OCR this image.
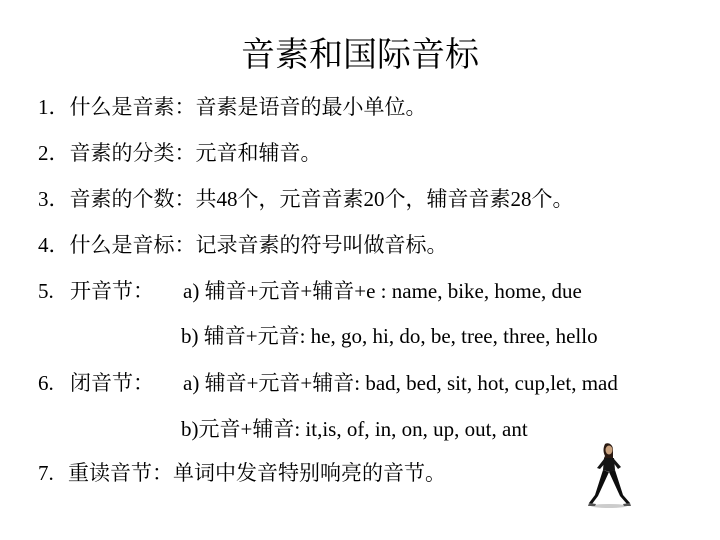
音素和国际音标
1．什么是音素：音素是语音的最小单位。
2．音素的分类：元音和辅音。
3．音素的个数：共48个，元音音素20个，辅音音素28个。
4．什么是音标：记录音素的符号叫做音标。
5. 开音节： a) 辅音+元音+辅音+e : name, bike, home, due
b) 辅音+元音: he, go, hi, do, be, tree, three, hello
6. 闭音节： a) 辅音+元音+辅音: bad, bed, sit, hot, cup,let, mad
b)元音+辅音: it,is, of, in, on, up, out, ant
7. 重读音节：单词中发音特别响亮的音节。
